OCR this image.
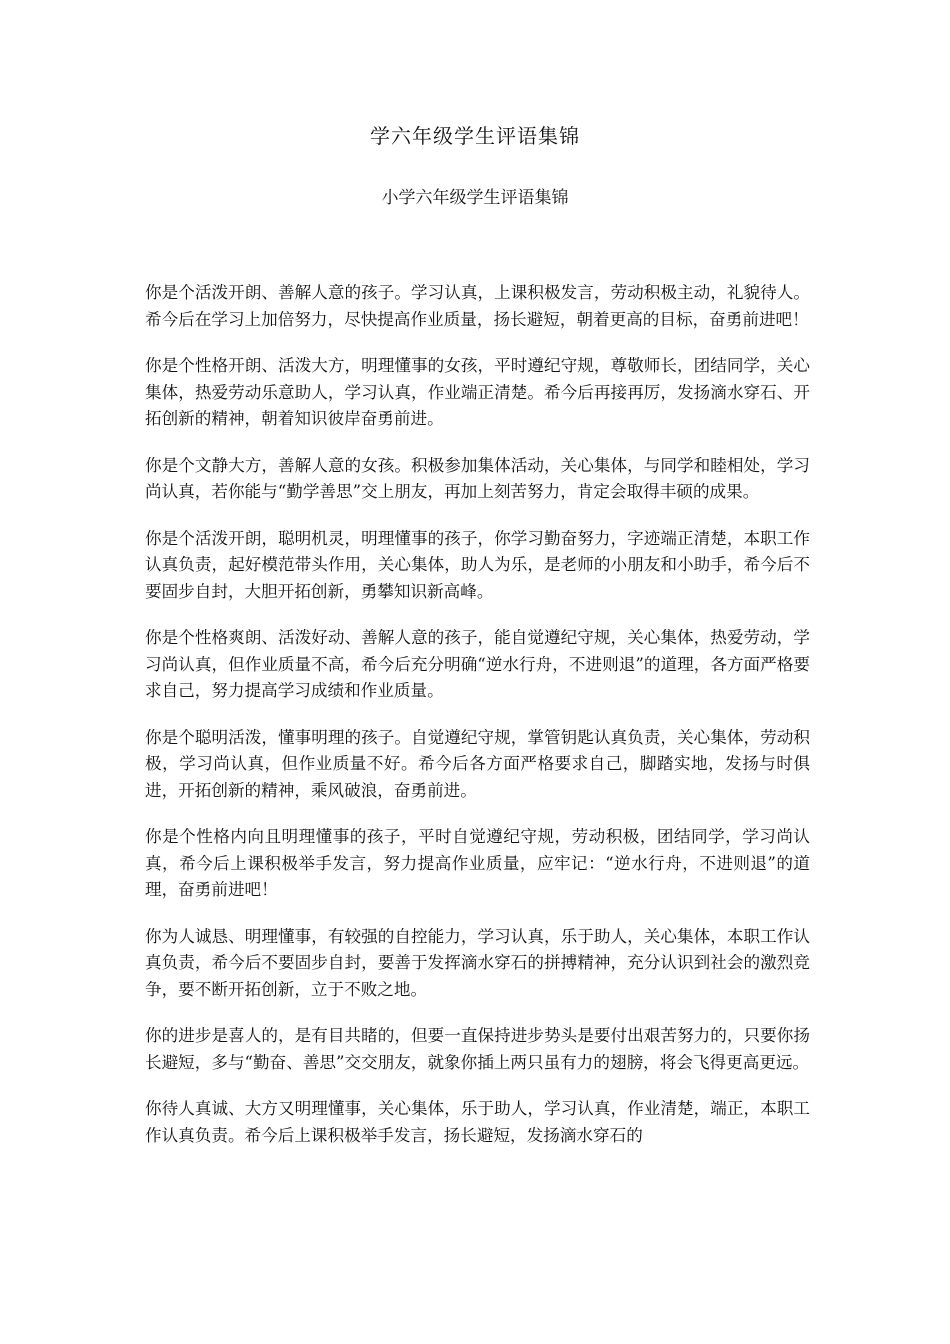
学六年级学生评语集锦
小学六年级学生评语集锦

你是个活泼开朗、善解人意的孩子。学习认真，上课积极发言，劳动积极主动，礼貌待人。希今后在学习上加倍努力，尽快提高作业质量，扬长避短，朝着更高的目标，奋勇前进吧！

你是个性格开朗、活泼大方，明理懂事的女孩，平时遵纪守规，尊敬师长，团结同学，关心集体，热爱劳动乐意助人，学习认真，作业端正清楚。希今后再接再厉，发扬滴水穿石、开拓创新的精神，朝着知识彼岸奋勇前进。

你是个文静大方，善解人意的女孩。积极参加集体活动，关心集体，与同学和睦相处，学习尚认真，若你能与“勤学善思”交上朋友，再加上刻苦努力，肯定会取得丰硕的成果。

你是个活泼开朗，聪明机灵，明理懂事的孩子，你学习勤奋努力，字迹端正清楚，本职工作认真负责，起好模范带头作用，关心集体，助人为乐，是老师的小朋友和小助手，希今后不要固步自封，大胆开拓创新，勇攀知识新高峰。

你是个性格爽朗、活泼好动、善解人意的孩子，能自觉遵纪守规，关心集体，热爱劳动，学习尚认真，但作业质量不高，希今后充分明确“逆水行舟，不进则退”的道理，各方面严格要求自己，努力提高学习成绩和作业质量。

你是个聪明活泼，懂事明理的孩子。自觉遵纪守规，掌管钥匙认真负责，关心集体，劳动积极，学习尚认真，但作业质量不好。希今后各方面严格要求自己，脚踏实地，发扬与时俱进，开拓创新的精神，乘风破浪，奋勇前进。

你是个性格内向且明理懂事的孩子，平时自觉遵纪守规，劳动积极，团结同学，学习尚认真，希今后上课积极举手发言，努力提高作业质量，应牢记：“逆水行舟，不进则退”的道理，奋勇前进吧！

你为人诚恳、明理懂事，有较强的自控能力，学习认真，乐于助人，关心集体，本职工作认真负责，希今后不要固步自封，要善于发挥滴水穿石的拼搏精神，充分认识到社会的激烈竞争，要不断开拓创新，立于不败之地。

你的进步是喜人的，是有目共睹的，但要一直保持进步势头是要付出艰苦努力的，只要你扬长避短，多与“勤奋、善思”交交朋友，就象你插上两只虽有力的翅膀，将会飞得更高更远。

你待人真诚、大方又明理懂事，关心集体，乐于助人，学习认真，作业清楚，端正，本职工作认真负责。希今后上课积极举手发言，扬长避短，发扬滴水穿石的
